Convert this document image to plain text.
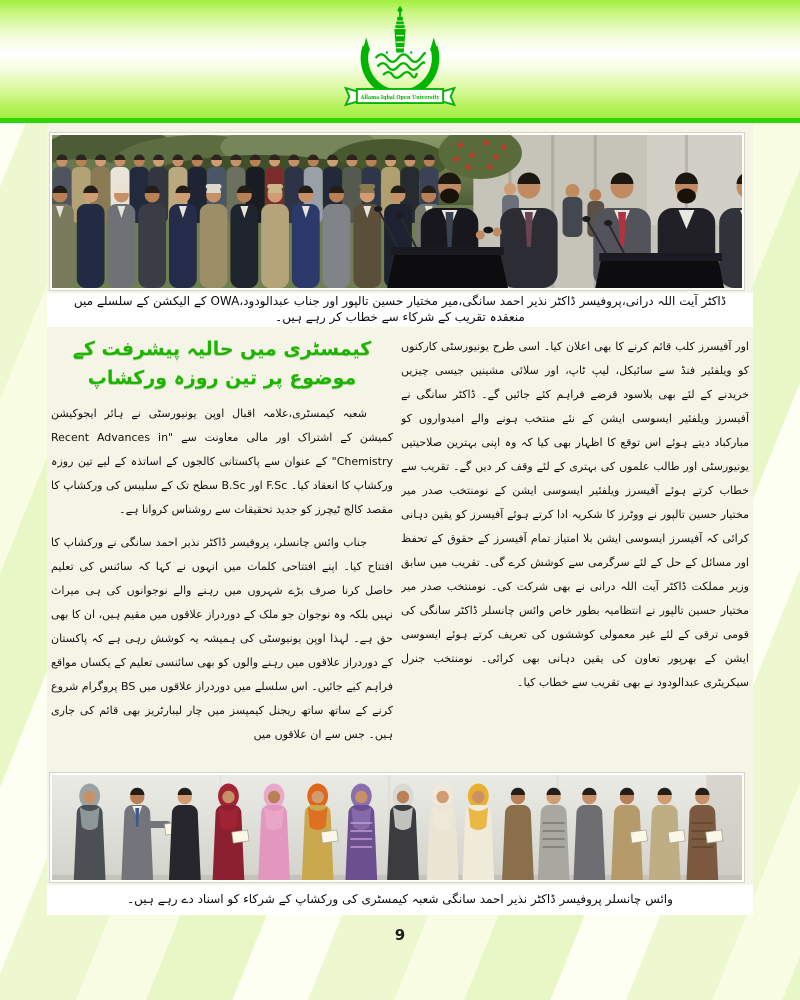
Allama Iqbal Open University
ڈاکٹر آیت اللہ درانی،پروفیسر ڈاکٹر نذیر احمد سانگی،میر مختیار حسین تالپور اور جناب عبدالودود،OWA کے الیکشن کے سلسلے میں منعقدہ تقریب کے شرکاء سے خطاب کر رہے ہیں۔
کیمسٹری میں حالیہ پیشرفت کے موضوع پر تین روزہ ورکشاپ

شعبہ کیمسٹری،علامہ اقبال اوپن یونیورسٹی نے ہائر ایجوکیشن کمیشن کے اشتراک اور مالی معاونت سے "Recent Advances in Chemistry" کے عنوان سے پاکستانی کالجوں کے اساتذہ کے لیے تین روزہ ورکشاپ کا انعقاد کیا۔ F.Sc اور B.Sc سطح تک کے سلیبس کی ورکشاپ کا مقصد کالج ٹیچرز کو جدید تحقیقات سے روشناس کروانا ہے۔

جناب وائس چانسلر، پروفیسر ڈاکٹر نذیر احمد سانگی نے ورکشاپ کا افتتاح کیا۔ اپنے افتتاحی کلمات میں انہوں نے کہا کہ سائنس کی تعلیم حاصل کرنا صرف بڑے شہروں میں رہنے والے نوجوانوں کی ہی میراث نہیں بلکہ وہ نوجوان جو ملک کے دوردراز علاقوں میں مقیم ہیں، ان کا بھی حق ہے۔ لہذا اوپن یونیوسٹی کی ہمیشہ یہ کوشش رہی ہے کہ پاکستان کے دوردراز علاقوں میں رہنے والوں کو بھی سائنسی تعلیم کے یکساں مواقع فراہم کیے جائیں۔ اس سلسلے میں دوردراز علاقوں میں BS پروگرام شروع کرنے کے ساتھ ساتھ ریجنل کیمپسز میں چار لیبارٹریز بھی قائم کی جاری ہیں۔ جس سے ان علاقوں میں

اور آفیسرز کلب قائم کرنے کا بھی اعلان کیا۔ اسی طرح یونیورسٹی کارکنوں کو ویلفئیر فنڈ سے سائیکل، لیپ ٹاپ، اور سلائی مشینیں جیسی چیزیں خریدنے کے لئے بھی بلاسود قرضے فراہم کئے جائیں گے۔ ڈاکٹر سانگی نے آفیسرز ویلفئیر ایسوسی ایشن کے نئے منتخب ہونے والے امیدواروں کو مبارکباد دیتے ہوئے اس توقع کا اظہار بھی کیا کہ وہ اپنی بہترین صلاحیتیں یونیورسٹی اور طالب علموں کی بہتری کے لئے وقف کر دیں گے۔ تقریب سے خطاب کرتے ہوئے آفیسرز ویلفئیر ایسوسی ایشن کے نومنتخب صدر میر مختیار حسین تالپور نے ووٹرز کا شکریہ ادا کرتے ہوئے آفیسرز کو یقین دہانی کرائی کہ آفیسرز ایسوسی ایشن بلا امتیاز تمام آفیسرز کے حقوق کے تحفظ اور مسائل کے حل کے لئے سرگرمی سے کوشش کرے گی۔ تقریب میں سابق وزیر مملکت ڈاکٹر آیت اللہ درانی نے بھی شرکت کی۔ نومنتخب صدر میر مختیار حسین تالپور نے انتظامیہ بطور خاص وائس چانسلر ڈاکٹر سانگی کی قومی ترقی کے لئے غیر معمولی کوششوں کی تعریف کرتے ہوئے ایسوسی ایشن کے بھرپور تعاون کی یقین دہانی بھی کرائی۔ نومنتخب جنرل سیکریٹری عبدالودود نے بھی تقریب سے خطاب کیا۔

وائس چانسلر پروفیسر ڈاکٹر نذیر احمد سانگی شعبہ کیمسٹری کی ورکشاپ کے شرکاء کو اسناد دے رہے ہیں۔
9
